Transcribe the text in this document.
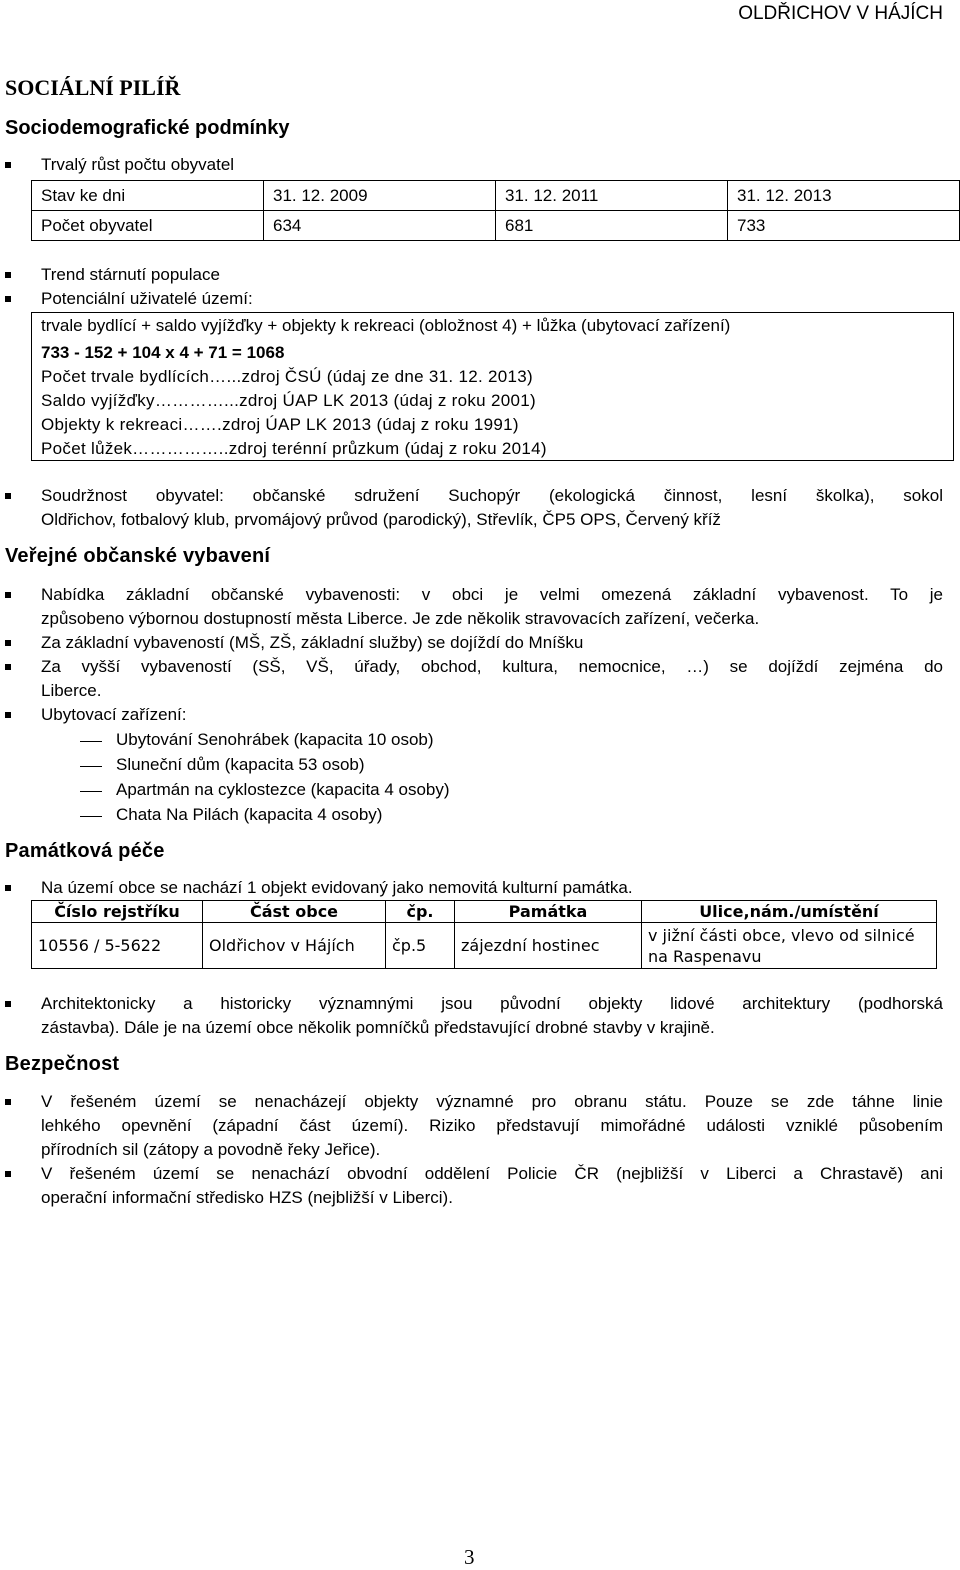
OLDŘICHOV V HÁJÍCH
SOCIÁLNÍ PILÍŘ
Sociodemografické podmínky
Trvalý růst počtu obyvatel
Stav ke dni	31. 12. 2009	31. 12. 2011	31. 12. 2013
Počet obyvatel	634	681	733
Trend stárnutí populace
Potenciální uživatelé území:
trvale bydlící + saldo vyjížďky + objekty k rekreaci (obložnost 4) + lůžka (ubytovací zařízení)
733 - 152 + 104 x 4 + 71 = 1068
Počet trvale bydlících…...zdroj ČSÚ (údaj ze dne 31. 12. 2013)
Saldo vyjížďky…………...zdroj ÚAP LK 2013 (údaj z roku 2001)
Objekty k rekreaci…….zdroj ÚAP LK 2013 (údaj z roku 1991)
Počet lůžek……………..zdroj terénní průzkum (údaj z roku 2014)
Soudržnost obyvatel: občanské sdružení Suchopýr (ekologická činnost, lesní školka), sokol
Oldřichov, fotbalový klub, prvomájový průvod (parodický), Střevlík, ČP5 OPS, Červený kříž
Veřejné občanské vybavení
Nabídka základní občanské vybavenosti: v obci je velmi omezená základní vybavenost. To je
způsobeno výbornou dostupností města Liberce. Je zde několik stravovacích zařízení, večerka.
Za základní vybaveností (MŠ, ZŠ, základní služby) se dojíždí do Mníšku
Za vyšší vybaveností (SŠ, VŠ, úřady, obchod, kultura, nemocnice, …) se dojíždí zejména do
Liberce.
Ubytovací zařízení:
Ubytování Senohrábek (kapacita 10 osob)
Sluneční dům (kapacita 53 osob)
Apartmán na cyklostezce (kapacita 4 osoby)
Chata Na Pilách (kapacita 4 osoby)
Památková péče
Na území obce se nachází 1 objekt evidovaný jako nemovitá kulturní památka.
Číslo rejstříku	Část obce	čp.	Památka	Ulice,nám./umístění
10556 / 5-5622	Oldřichov v Hájích	čp.5	zájezdní hostinec	v jižní části obce, vlevo od silnicé na Raspenavu
Architektonicky a historicky významnými jsou původní objekty lidové architektury (podhorská
zástavba). Dále je na území obce několik pomníčků představující drobné stavby v krajině.
Bezpečnost
V řešeném území se nenacházejí objekty významné pro obranu státu. Pouze se zde táhne linie
lehkého opevnění (západní část území). Riziko představují mimořádné události vzniklé působením
přírodních sil (zátopy a povodně řeky Jeřice).
V řešeném území se nenachází obvodní oddělení Policie ČR (nejbližší v Liberci a Chrastavě) ani
operační informační středisko HZS (nejbližší v Liberci).
3
